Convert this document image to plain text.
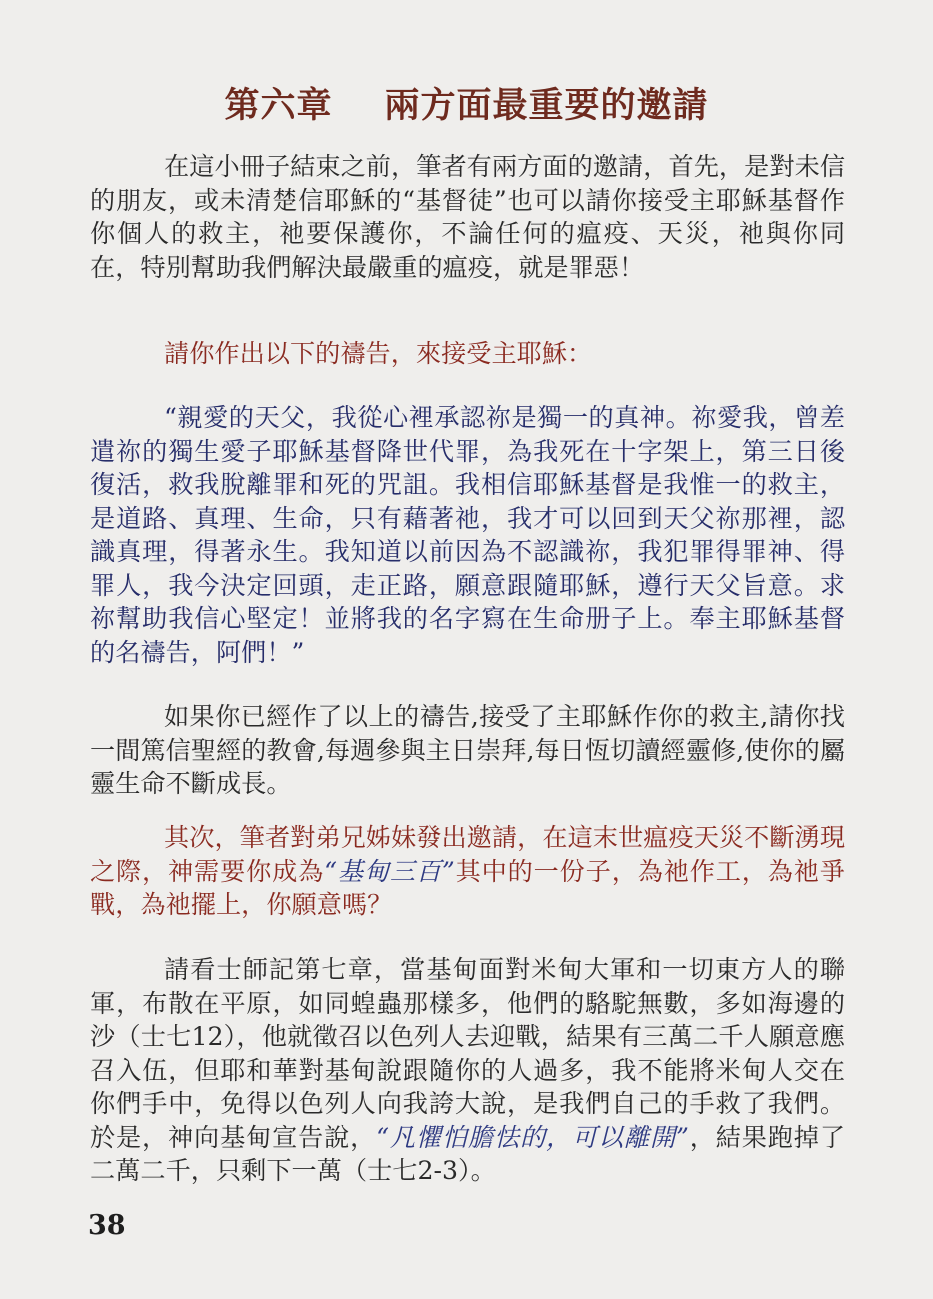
第六章 兩方面最重要的邀請

在這小冊子結束之前，筆者有兩方面的邀請，首先，是對未信的朋友，或未清楚信耶穌的“基督徒”也可以請你接受主耶穌基督作你個人的救主，祂要保護你，不論任何的瘟疫、天災，祂與你同在，特別幫助我們解決最嚴重的瘟疫，就是罪惡！

請你作出以下的禱告，來接受主耶穌：

“親愛的天父，我從心裡承認祢是獨一的真神。祢愛我，曾差遣祢的獨生愛子耶穌基督降世代罪，為我死在十字架上，第三日後復活，救我脫離罪和死的咒詛。我相信耶穌基督是我惟一的救主，是道路、真理、生命，只有藉著祂，我才可以回到天父祢那裡，認識真理，得著永生。我知道以前因為不認識祢，我犯罪得罪神、得罪人，我今決定回頭，走正路，願意跟隨耶穌，遵行天父旨意。求祢幫助我信心堅定！並將我的名字寫在生命册子上。奉主耶穌基督的名禱告，阿們！”

如果你已經作了以上的禱告,接受了主耶穌作你的救主,請你找一間篤信聖經的教會,每週參與主日崇拜,每日恆切讀經靈修,使你的屬靈生命不斷成長。

其次，筆者對弟兄姊妹發出邀請，在這末世瘟疫天災不斷湧現之際，神需要你成為“基甸三百”其中的一份子，為祂作工，為祂爭戰，為祂擺上，你願意嗎？

請看士師記第七章，當基甸面對米甸大軍和一切東方人的聯軍，布散在平原，如同蝗蟲那樣多，他們的駱駝無數，多如海邊的沙（士七12），他就徵召以色列人去迎戰，結果有三萬二千人願意應召入伍，但耶和華對基甸說跟隨你的人過多，我不能將米甸人交在你們手中，免得以色列人向我誇大說，是我們自己的手救了我們。於是，神向基甸宣告說，“凡懼怕膽怯的，可以離開”，結果跑掉了二萬二千，只剩下一萬（士七2-3）。

38
